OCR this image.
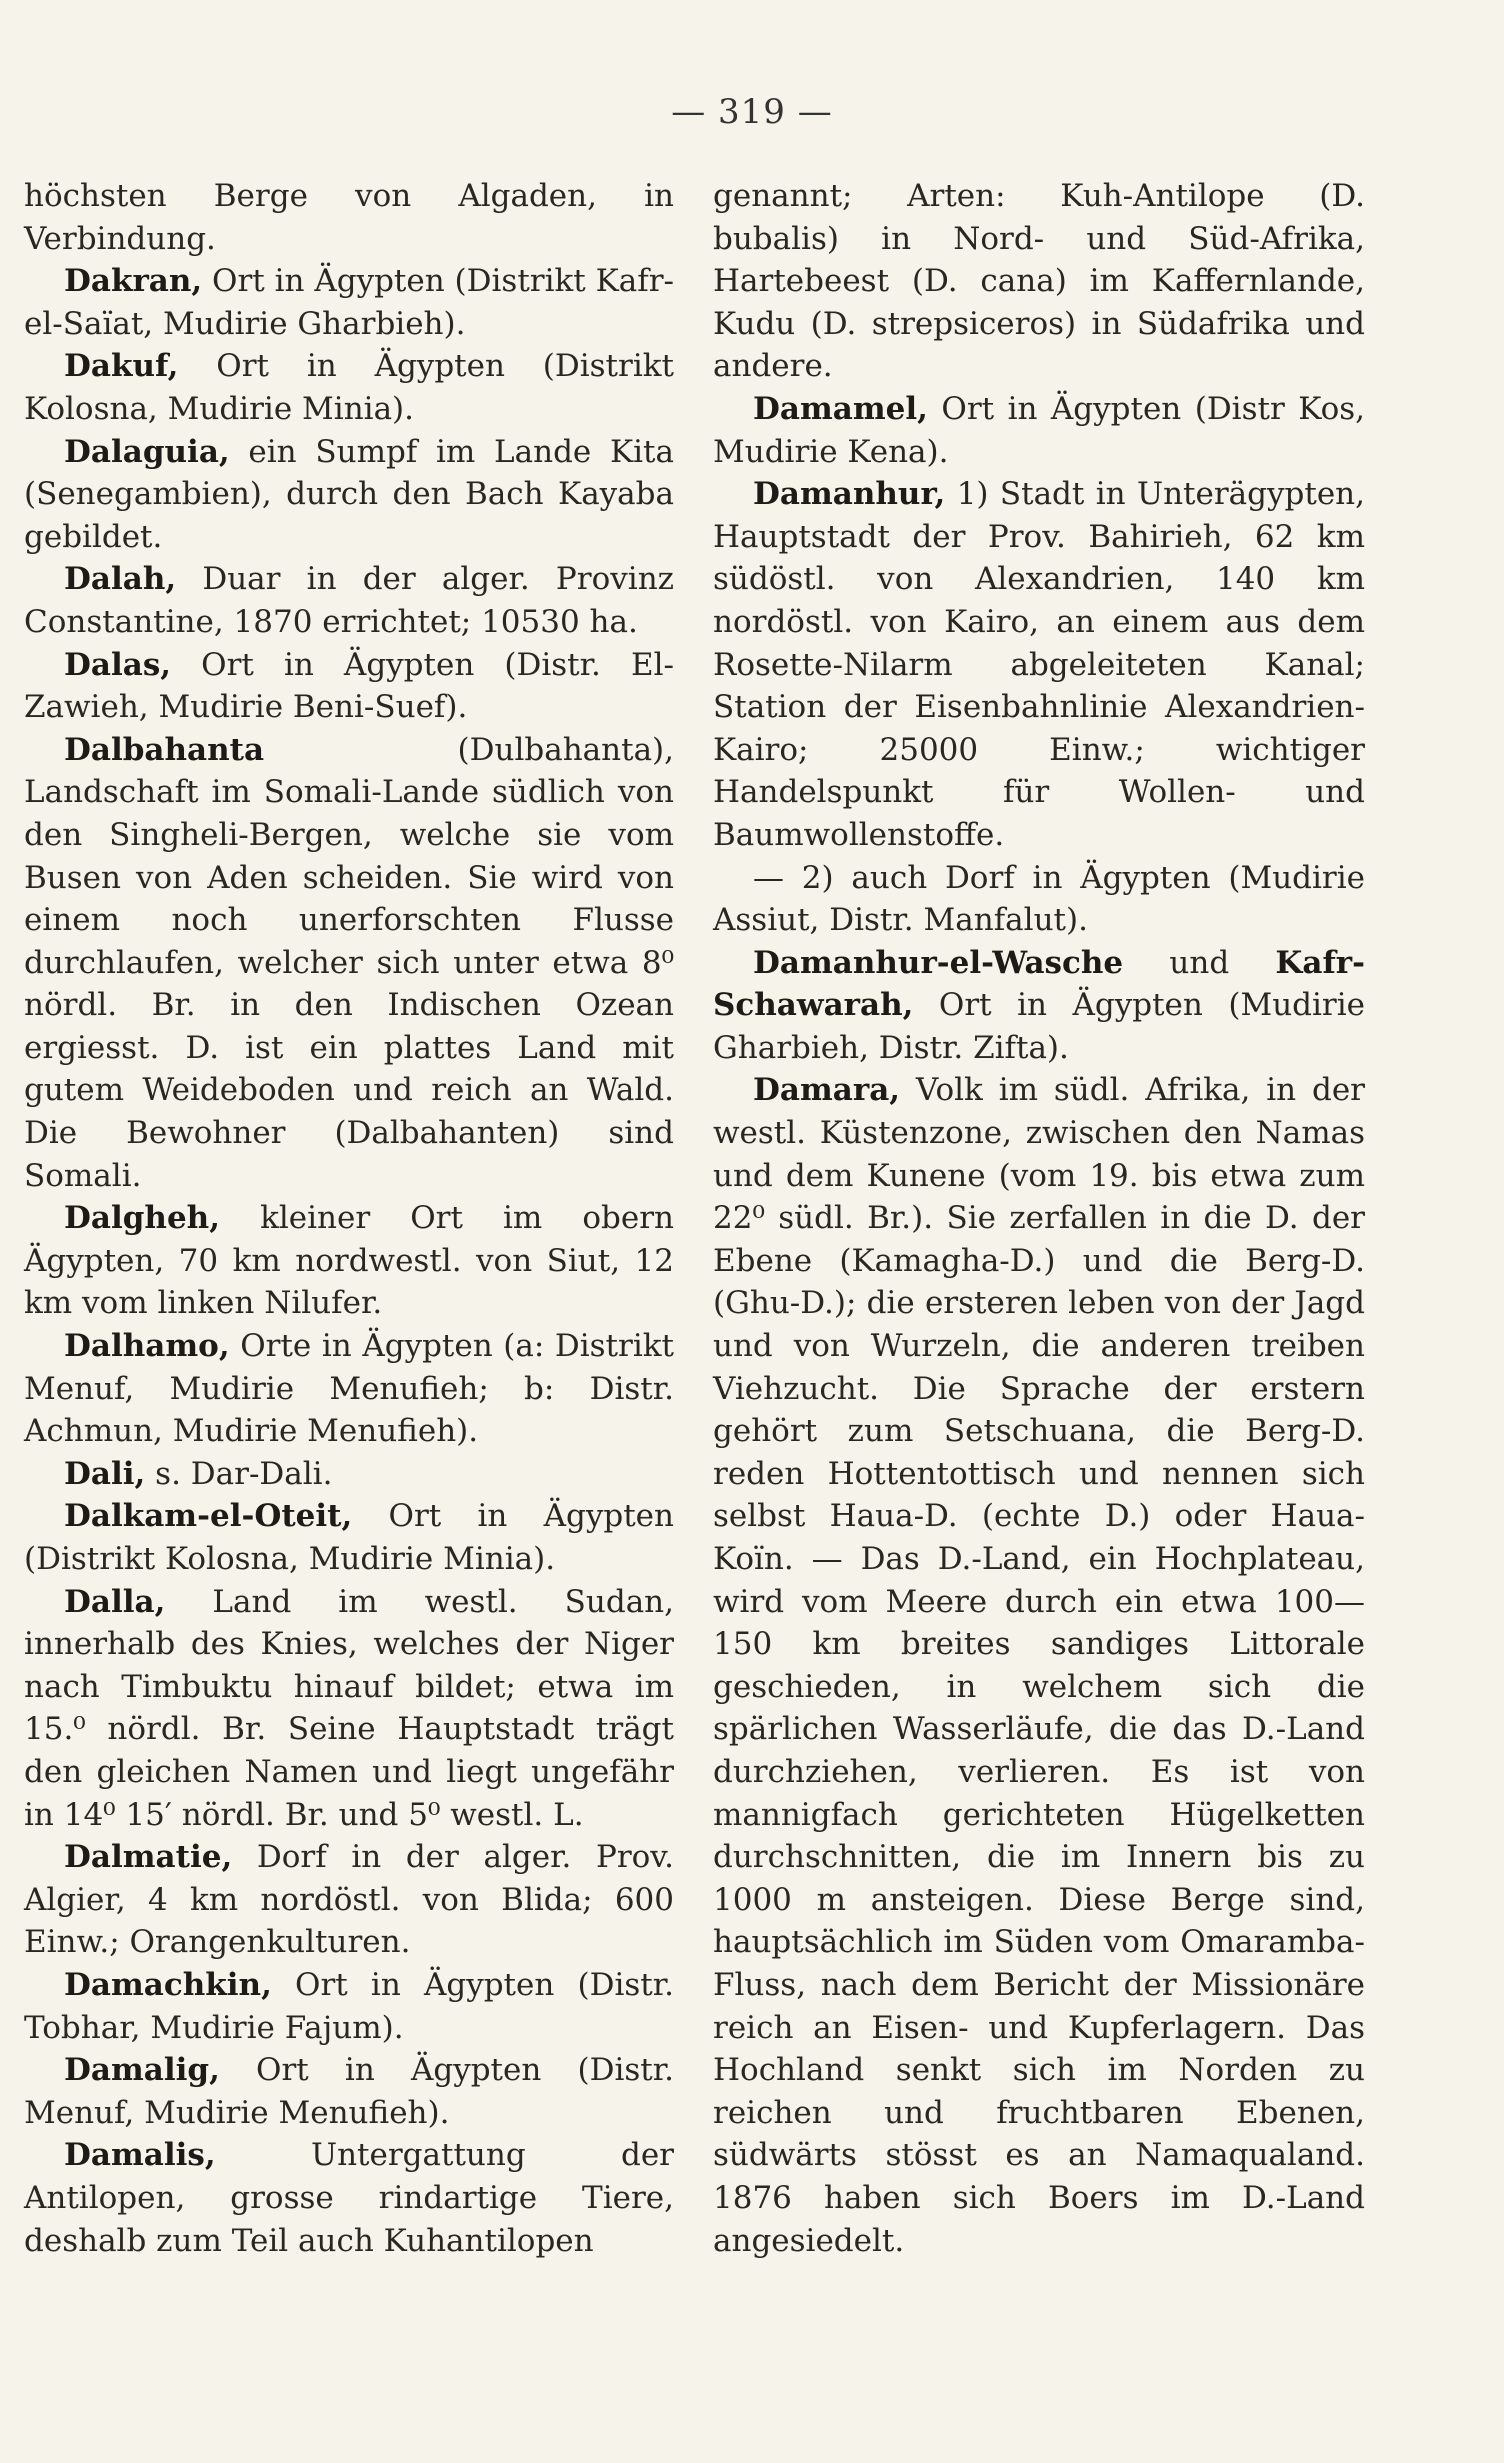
— 319 —

höchsten Berge von Algaden, in Verbindung.

Dakran, Ort in Ägypten (Distrikt Kafr-el-Saïat, Mudirie Gharbieh).

Dakuf, Ort in Ägypten (Distrikt Kolosna, Mudirie Minia).

Dalaguia, ein Sumpf im Lande Kita (Senegambien), durch den Bach Kayaba gebildet.

Dalah, Duar in der alger. Provinz Constantine, 1870 errichtet; 10530 ha.

Dalas, Ort in Ägypten (Distr. El-Zawieh, Mudirie Beni-Suef).

Dalbahanta (Dulbahanta), Landschaft im Somali-Lande südlich von den Singheli-Bergen, welche sie vom Busen von Aden scheiden. Sie wird von einem noch unerforschten Flusse durchlaufen, welcher sich unter etwa 8⁰ nördl. Br. in den Indischen Ozean ergiesst. D. ist ein plattes Land mit gutem Weideboden und reich an Wald. Die Bewohner (Dalbahanten) sind Somali.

Dalgheh, kleiner Ort im obern Ägypten, 70 km nordwestl. von Siut, 12 km vom linken Nilufer.

Dalhamo, Orte in Ägypten (a: Distrikt Menuf, Mudirie Menufieh; b: Distr. Achmun, Mudirie Menufieh).

Dali, s. Dar-Dali.

Dalkam-el-Oteit, Ort in Ägypten (Distrikt Kolosna, Mudirie Minia).

Dalla, Land im westl. Sudan, innerhalb des Knies, welches der Niger nach Timbuktu hinauf bildet; etwa im 15.⁰ nördl. Br. Seine Hauptstadt trägt den gleichen Namen und liegt ungefähr in 14⁰ 15′ nördl. Br. und 5⁰ westl. L.

Dalmatie, Dorf in der alger. Prov. Algier, 4 km nordöstl. von Blida; 600 Einw.; Orangenkulturen.

Damachkin, Ort in Ägypten (Distr. Tobhar, Mudirie Fajum).

Damalig, Ort in Ägypten (Distr. Menuf, Mudirie Menufieh).

Damalis, Untergattung der Antilopen, grosse rindartige Tiere, deshalb zum Teil auch Kuhantilopen

genannt; Arten: Kuh-Antilope (D. bubalis) in Nord- und Süd-Afrika, Hartebeest (D. cana) im Kaffernlande, Kudu (D. strepsiceros) in Südafrika und andere.

Damamel, Ort in Ägypten (Distr Kos, Mudirie Kena).

Damanhur, 1) Stadt in Unterägypten, Hauptstadt der Prov. Bahirieh, 62 km südöstl. von Alexandrien, 140 km nordöstl. von Kairo, an einem aus dem Rosette-Nilarm abgeleiteten Kanal; Station der Eisenbahnlinie Alexandrien-Kairo; 25000 Einw.; wichtiger Handelspunkt für Wollen- und Baumwollenstoffe.

— 2) auch Dorf in Ägypten (Mudirie Assiut, Distr. Manfalut).

Damanhur-el-Wasche und Kafr-Schawarah, Ort in Ägypten (Mudirie Gharbieh, Distr. Zifta).

Damara, Volk im südl. Afrika, in der westl. Küstenzone, zwischen den Namas und dem Kunene (vom 19. bis etwa zum 22⁰ südl. Br.). Sie zerfallen in die D. der Ebene (Kamagha-D.) und die Berg-D. (Ghu-D.); die ersteren leben von der Jagd und von Wurzeln, die anderen treiben Viehzucht. Die Sprache der erstern gehört zum Setschuana, die Berg-D. reden Hottentottisch und nennen sich selbst Haua-D. (echte D.) oder Haua-Koïn. — Das D.-Land, ein Hochplateau, wird vom Meere durch ein etwa 100—150 km breites sandiges Littorale geschieden, in welchem sich die spärlichen Wasserläufe, die das D.-Land durchziehen, verlieren. Es ist von mannigfach gerichteten Hügelketten durchschnitten, die im Innern bis zu 1000 m ansteigen. Diese Berge sind, hauptsächlich im Süden vom Omaramba-Fluss, nach dem Bericht der Missionäre reich an Eisen- und Kupferlagern. Das Hochland senkt sich im Norden zu reichen und fruchtbaren Ebenen, südwärts stösst es an Namaqualand. 1876 haben sich Boers im D.-Land angesiedelt.
